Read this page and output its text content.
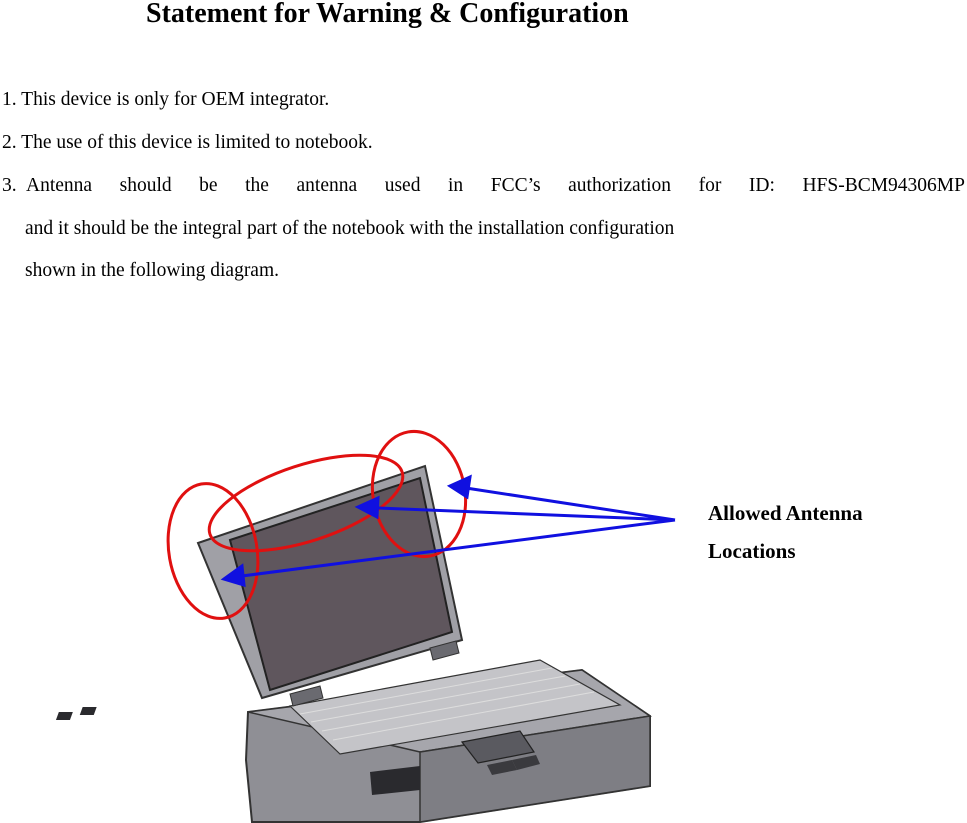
Statement for Warning & Configuration
1. This device is only for OEM integrator.
2. The use of this device is limited to notebook.
3. Antenna should be the antenna used in FCC’s authorization for ID: HFS-BCM94306MP
and it should be the integral part of the notebook with the installation configuration
shown in the following diagram.
Allowed Antenna
Locations
